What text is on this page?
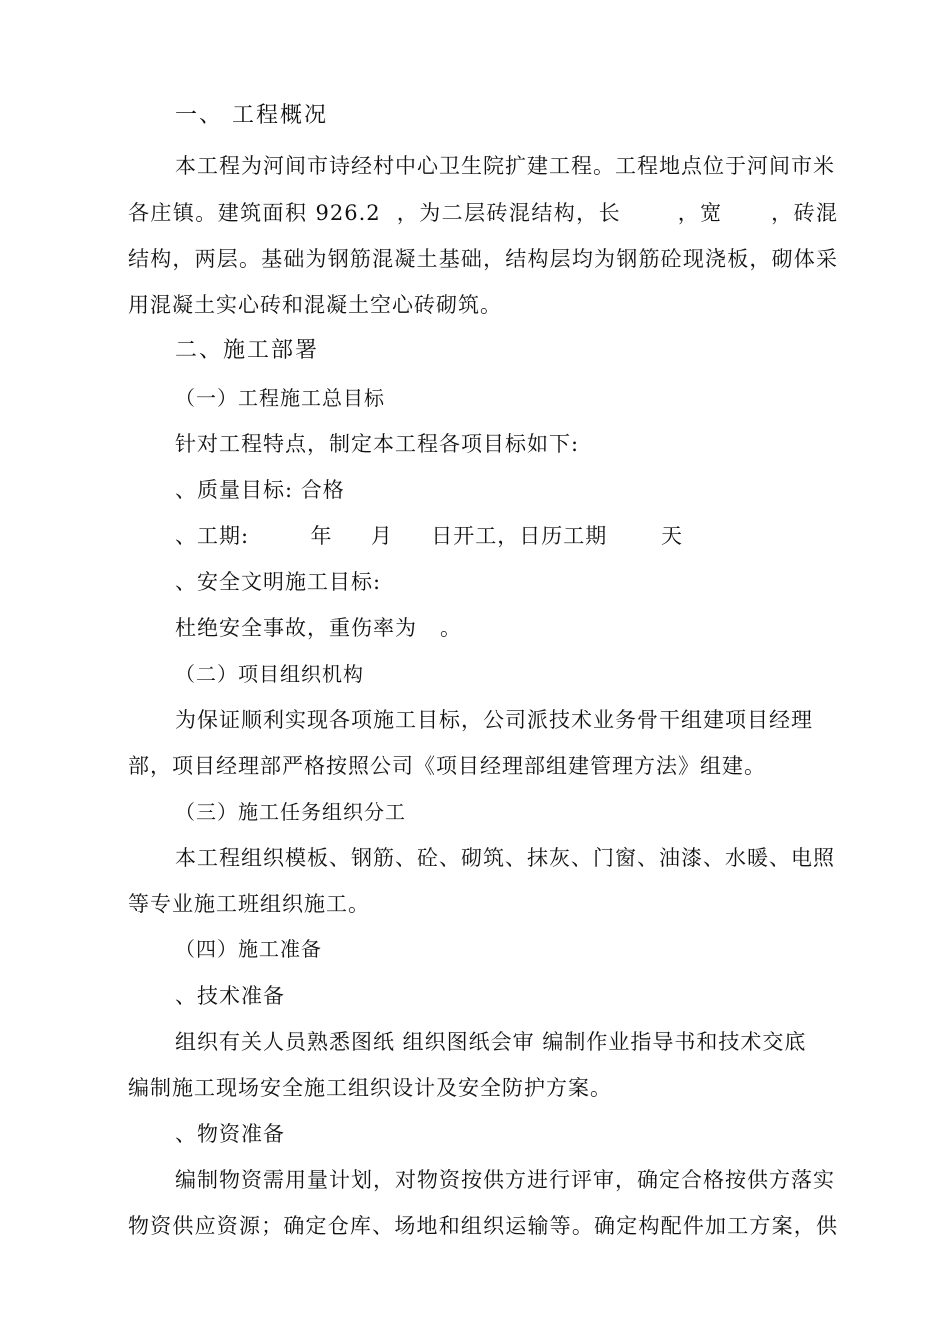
一、 工程概况
本工程为河间市诗经村中心卫生院扩建工程。工程地点位于河间市米
各庄镇。建筑面积 926.2  ，为二层砖混结构，长       ，宽      ，砖混
结构，两层。基础为钢筋混凝土基础，结构层均为钢筋砼现浇板，砌体采
用混凝土实心砖和混凝土空心砖砌筑。
二、施工部署
（一）工程施工总目标
针对工程特点，制定本工程各项目标如下:
、质量目标: 合格
、工期:        年     月     日开工，日历工期       天
、安全文明施工目标:
杜绝安全事故，重伤率为   。
（二）项目组织机构
为保证顺利实现各项施工目标，公司派技术业务骨干组建项目经理
部，项目经理部严格按照公司《项目经理部组建管理方法》组建。
（三）施工任务组织分工
本工程组织模板、钢筋、砼、砌筑、抹灰、门窗、油漆、水暖、电照
等专业施工班组织施工。
（四）施工准备
、技术准备
组织有关人员熟悉图纸 组织图纸会审 编制作业指导书和技术交底
编制施工现场安全施工组织设计及安全防护方案。
、物资准备
编制物资需用量计划，对物资按供方进行评审，确定合格按供方落实
物资供应资源；确定仓库、场地和组织运输等。确定构配件加工方案，供
